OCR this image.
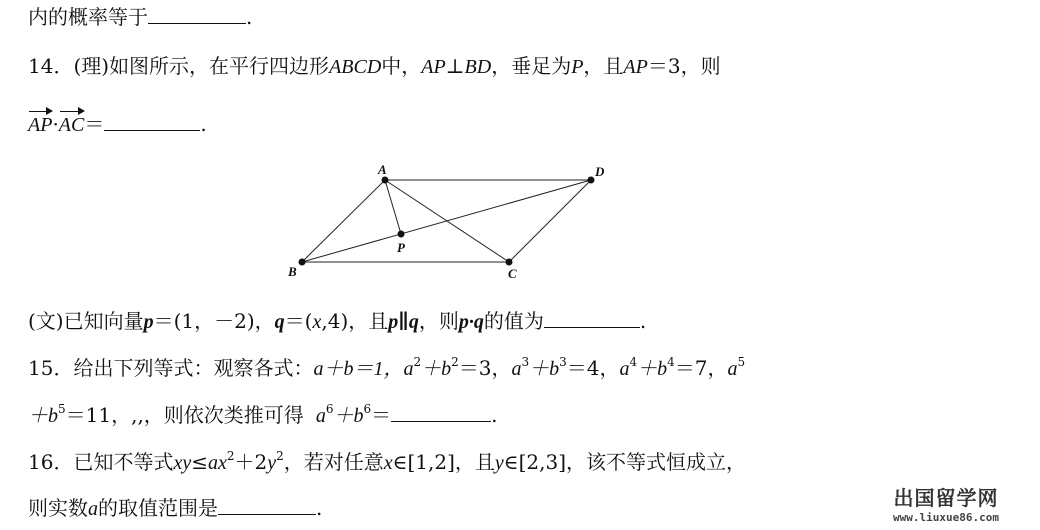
内的概率等于	.
14．(理)如图所示，在平行四边形ABCD中，AP⊥BD，垂足为P，且AP＝3，则
AP·AC＝	.
A
B	C
D
P
(文)已知向量p＝(1，－2)，q＝(x,4)，且p∥q，则p·q的值为	.
15．给出下列等式：观察各式：a＋b＝1，$a^2+b^2=3$，$a^3+b^3=4$，$a^4+b^4=7$，$a^5$
$+b^5=11$，,,，则依次类推可得 $a^6+b^6=$	.
16．已知不等式$xy\le ax^2+2y^2$，若对任意x∈[1,2]，且y∈[2,3]，该不等式恒成立，
则实数a的取值范围是	.	出国留学网
www.liuxue86.com
